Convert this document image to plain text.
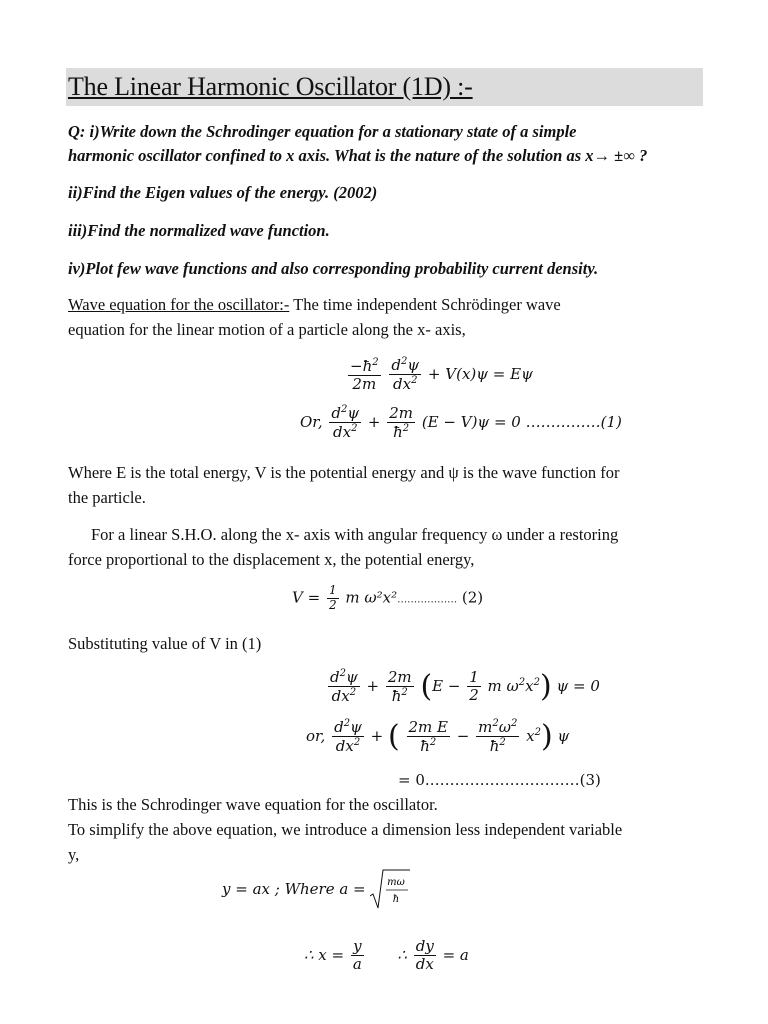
The Linear Harmonic Oscillator (1D) :-
Q: i)Write down the Schrodinger equation for a stationary state of a simple
harmonic oscillator confined to x axis. What is the nature of the solution as x→ ±∞ ?
ii)Find the Eigen values of the energy. (2002)
iii)Find the normalized wave function.
iv)Plot few wave functions and also corresponding probability current density.
Wave equation for the oscillator:- The time independent Schrödinger wave
equation for the linear motion of a particle along the x- axis,
$\frac{-ħ^2}{2m}$
$\frac{d^2\psi}{dx^2} + V(x)\psi = E\psi$
Or, $\frac{d^2\psi}{dx^2} + \frac{2m}{ħ^2} (E - V)\psi = 0$ ……………(1)
Where E is the total energy, V is the potential energy and ψ is the wave function for
the particle.
For a linear S.H.O. along the x- axis with angular frequency ω under a restoring
force proportional to the displacement x, the potential energy,
$V = \frac{1}{2}$ m ω²x²……………… (2)
Substituting value of V in (1)
$\frac{d^2\psi}{dx^2} + \frac{2m}{ħ^2} (E - \frac{1}{2}$ m $\omega^2x^2$) ψ = 0
or, $\frac{d^2\psi}{dx^2}$ + ( $\frac{\text{2m E}}{ħ^2} - \frac{m^2\omega^2}{ħ^2} x^2$) ψ
= 0.…………………………(3)
This is the Schrodinger wave equation for the oscillator.
To simplify the above equation, we introduce a dimension less independent variable
y,
y = ax ; Where a = mω
ħ
∴ $x = \frac{y}{a}$ ∴ $\frac{dy}{dx} = a$
